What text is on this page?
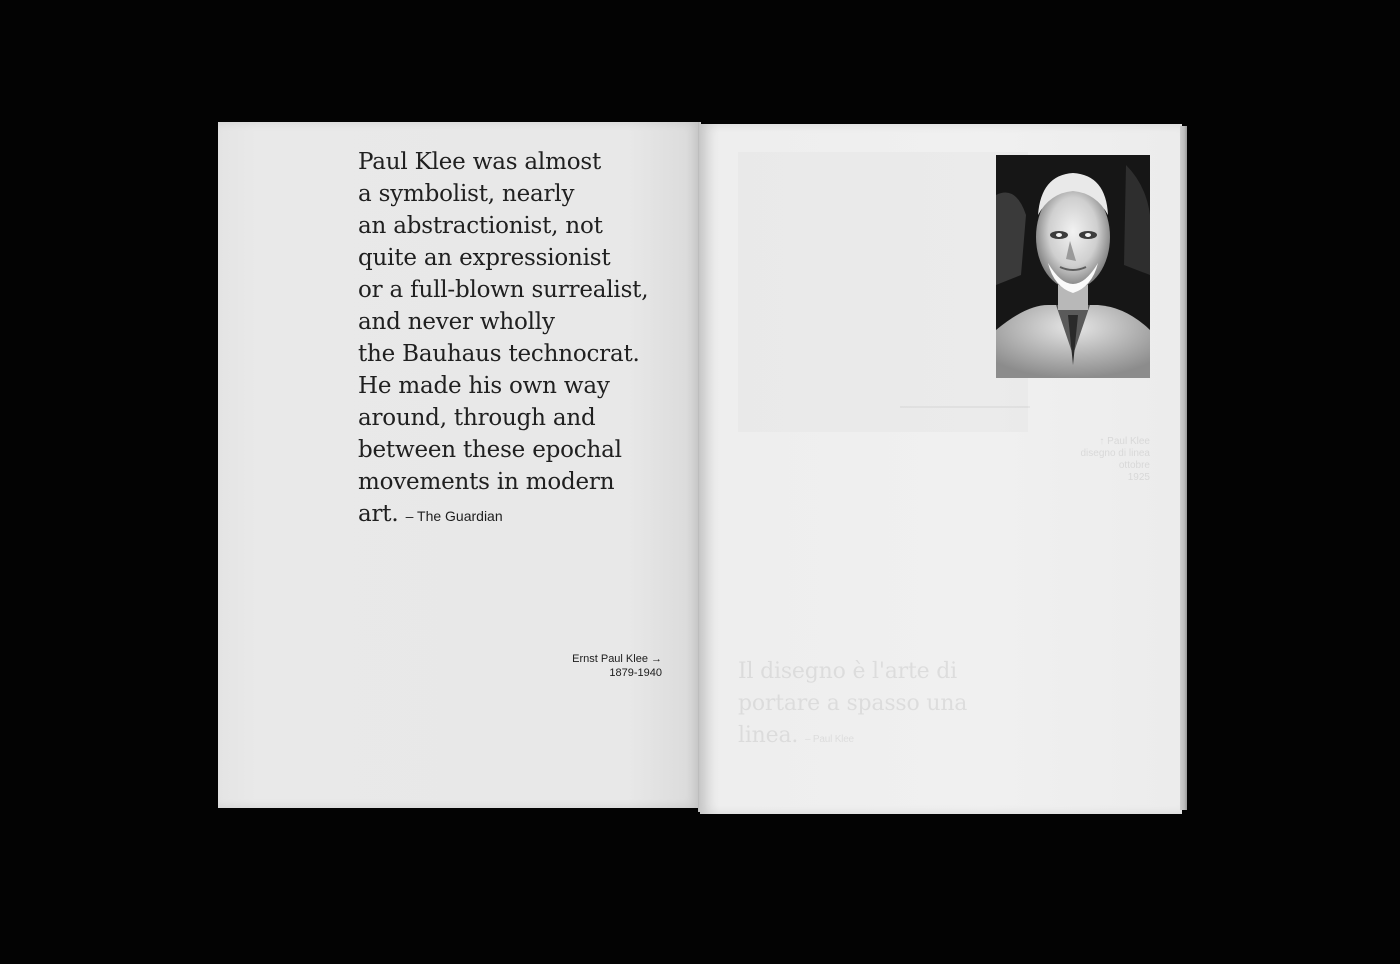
Paul Klee was almost
a symbolist, nearly
an abstractionist, not
quite an expressionist
or a full-blown surrealist,
and never wholly
the Bauhaus technocrat.
He made his own way
around, through and
between these epochal
movements in modern
art. – The Guardian

Ernst Paul Klee →
1879-1940
↑ Paul Klee
disegno di linea
ottobre
1925
Il disegno è l'arte di
portare a spasso una
linea. – Paul Klee
